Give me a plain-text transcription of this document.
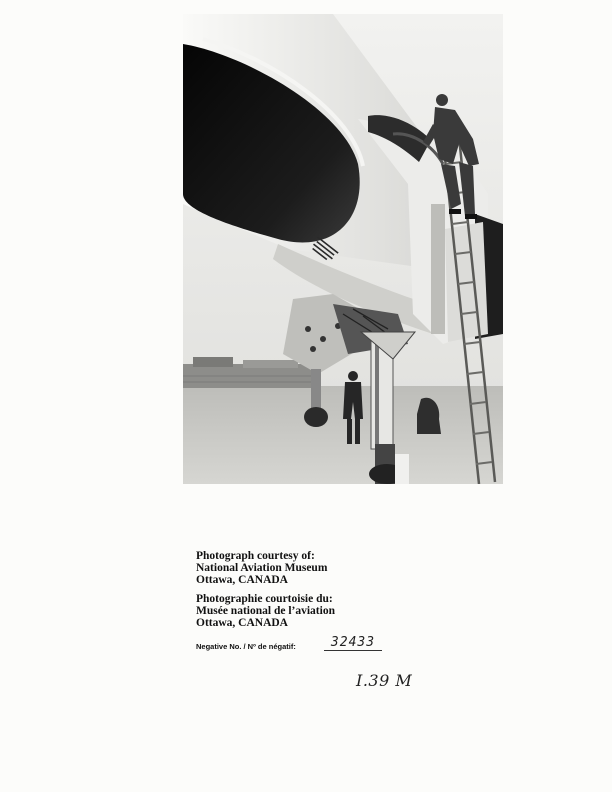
Photograph courtesy of:
National Aviation Museum
Ottawa, CANADA
Photographie courtoisie du:
Musée national de l’aviation
Ottawa, CANADA
Negative No. / Nº de négatif:	32433
I.39 M
